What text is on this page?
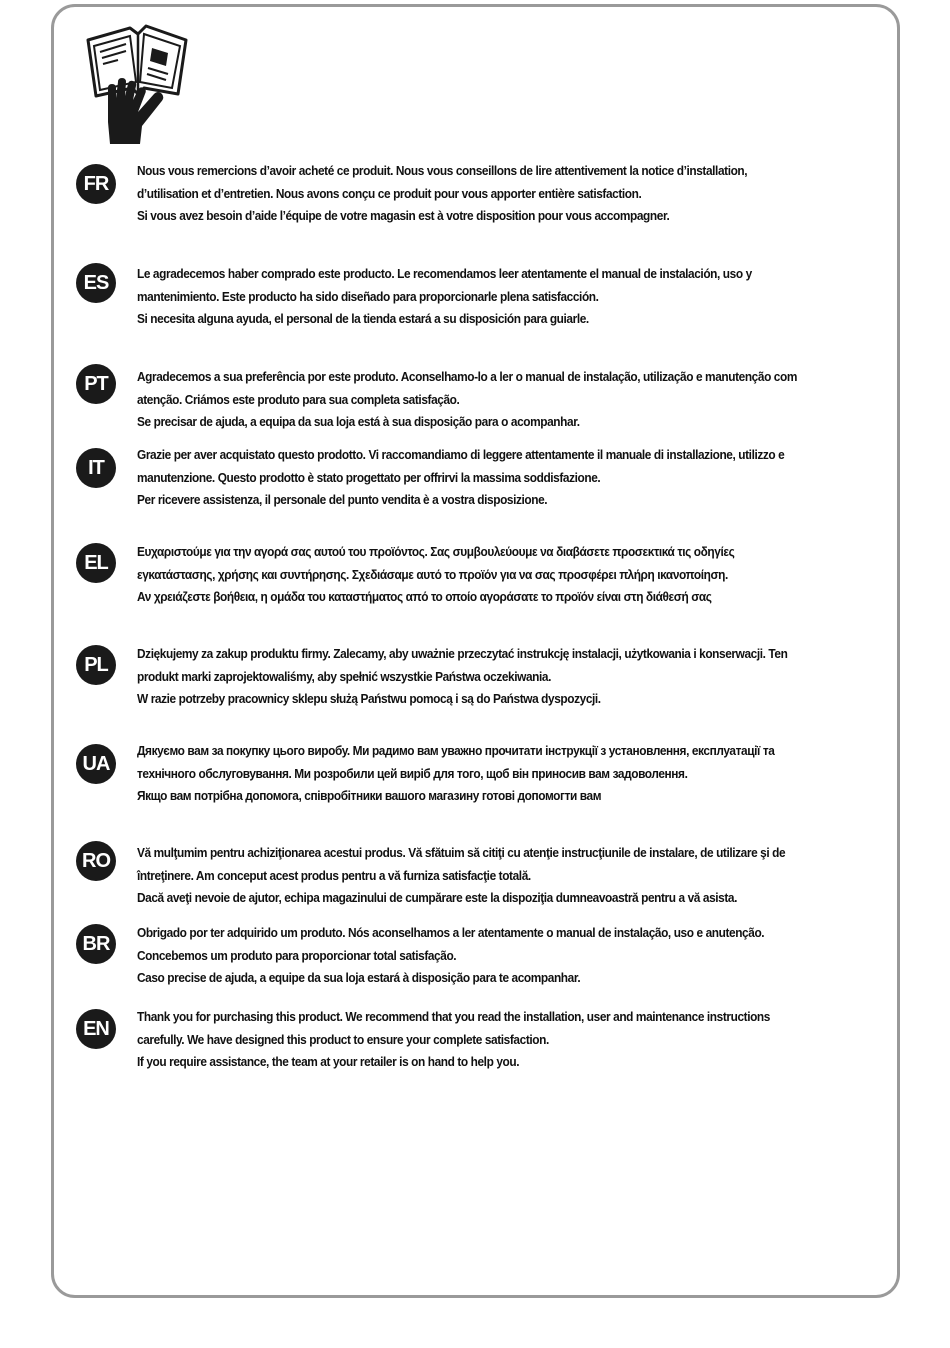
FR

Nous vous remercions d’avoir acheté ce produit. Nous vous conseillons de lire attentivement la notice d’installation, d’utilisation et d’entretien. Nous avons conçu ce produit pour vous apporter entière satisfaction.

Si vous avez besoin d’aide l’équipe de votre magasin est à votre disposition pour vous accompagner.

ES	Le agradecemos haber comprado este producto. Le recomendamos leer atentamente el manual de instalación, uso y mantenimiento. Este producto ha sido diseñado para proporcionarle plena satisfacción.

Si necesita alguna ayuda, el personal de la tienda estará a su disposición para guiarle.

PT	Agradecemos a sua preferência por este produto. Aconselhamo-lo a ler o manual de instalação, utilização e manutenção com atenção. Criámos este produto para sua completa satisfação.

Se precisar de ajuda, a equipa da sua loja está à sua disposição para o acompanhar.

IT

Grazie per aver acquistato questo prodotto. Vi raccomandiamo di leggere attentamente il manuale di installazione, utilizzo e manutenzione. Questo prodotto è stato progettato per offrirvi la massima soddisfazione.

Per ricevere assistenza, il personale del punto vendita è a vostra disposizione.

EL	Ευχαριστούμε για την αγορά σας αυτού του προϊόντος. Σας συμβουλεύουμε να διαβάσετε προσεκτικά τις οδηγίες εγκατάστασης, χρήσης και συντήρησης. Σχεδιάσαμε αυτό το προϊόν για να σας προσφέρει πλήρη ικανοποίηση.

Αν χρειάζεστε βοήθεια, η ομάδα του καταστήματος από το οποίο αγοράσατε το προϊόν είναι στη διάθεσή σας

PL	Dziękujemy za zakup produktu firmy. Zalecamy, aby uważnie przeczytać instrukcję instalacji, użytkowania i konserwacji. Ten produkt marki zaprojektowaliśmy, aby spełnić wszystkie Państwa oczekiwania.

W razie potrzeby pracownicy sklepu służą Państwu pomocą i są do Państwa dyspozycji.

UA

Дякуємо вам за покупку цього виробу. Ми радимо вам уважно прочитати інструкції з установлення, експлуатації та технічного обслуговування. Ми розробили цей виріб для того, щоб він приносив вам задоволення.

Якщо вам потрібна допомога, співробітники вашого магазину готові допомогти вам

RO	Vă mulţumim pentru achiziţionarea acestui produs. Vă sfătuim să citiţi cu atenţie instrucţiunile de instalare, de utilizare şi de întreţinere. Am conceput acest produs pentru a vă furniza satisfacţie totală.

Dacă aveţi nevoie de ajutor, echipa magazinului de cumpărare este la dispoziţia dumneavoastră pentru a vă asista.

BR	Obrigado por ter adquirido um produto. Nós aconselhamos a ler atentamente o manual de instalação, uso e anutenção. Concebemos um produto para proporcionar total satisfação.

Caso precise de ajuda, a equipe da sua loja estará à disposição para te acompanhar.

EN

Thank you for purchasing this product. We recommend that you read the installation, user and maintenance instructions carefully. We have designed this product to ensure your complete satisfaction.

If you require assistance, the team at your retailer is on hand to help you.
